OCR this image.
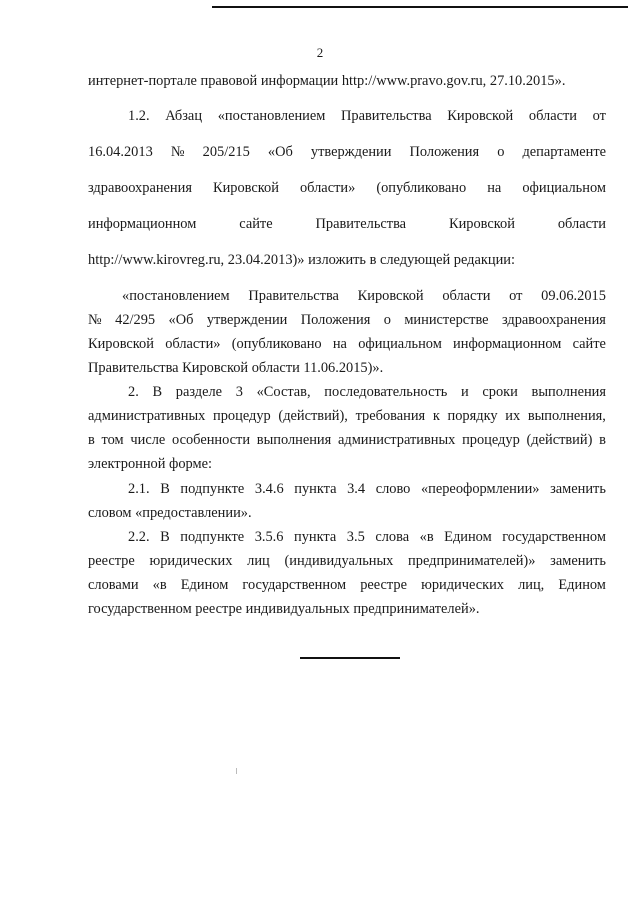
2
интернет-портале правовой информации http://www.pravo.gov.ru, 27.10.2015».
1.2. Абзац «постановлением Правительства Кировской области от
16.04.2013 № 205/215 «Об утверждении Положения о департаменте
здравоохранения Кировской области» (опубликовано на официальном
информационном	сайте	Правительства	Кировской	области
http://www.kirovreg.ru, 23.04.2013)» изложить в следующей редакции:
«постановлением Правительства Кировской области от 09.06.2015
№ 42/295 «Об утверждении Положения о министерстве здравоохранения
Кировской области» (опубликовано на официальном информационном сайте
Правительства Кировской области 11.06.2015)».
2. В разделе 3 «Состав, последовательность и сроки выполнения
административных процедур (действий), требования к порядку их выполнения,
в том числе особенности выполнения административных процедур (действий) в
электронной форме:
2.1. В подпункте 3.4.6 пункта 3.4 слово «переоформлении» заменить
словом «предоставлении».
2.2. В подпункте 3.5.6 пункта 3.5 слова «в Едином государственном
реестре юридических лиц (индивидуальных предпринимателей)» заменить
словами «в Едином государственном реестре юридических лиц, Едином
государственном реестре индивидуальных предпринимателей».
